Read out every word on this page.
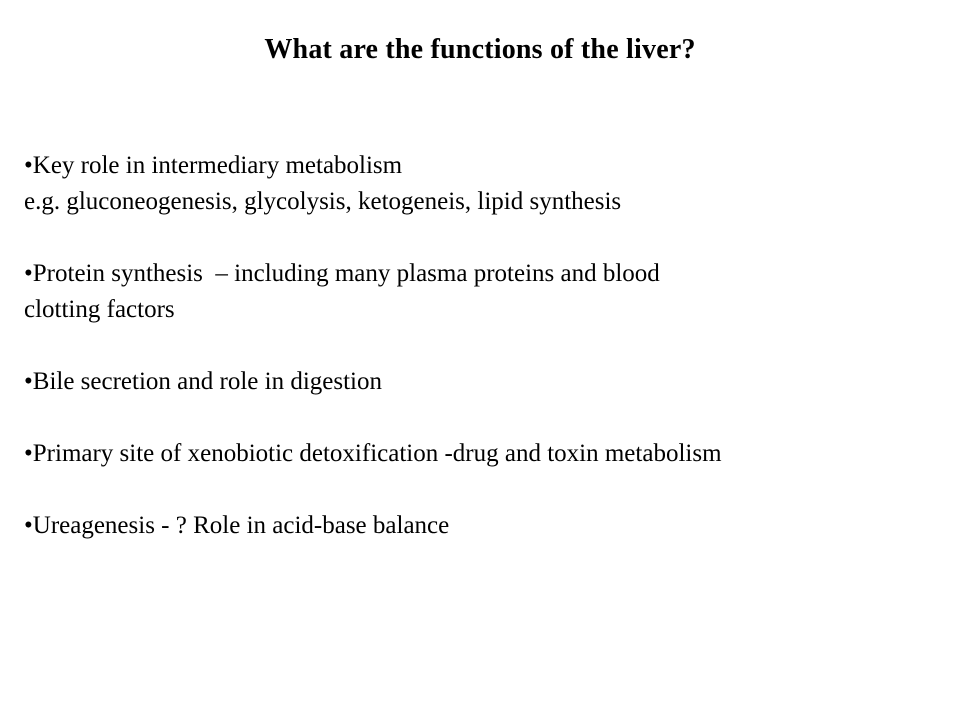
What are the functions of the liver?

•Key role in intermediary metabolism

e.g. gluconeogenesis, glycolysis, ketogeneis, lipid synthesis

•Protein synthesis  – including many plasma proteins and blood

clotting factors

•Bile secretion and role in digestion

•Primary site of xenobiotic detoxification -drug and toxin metabolism

•Ureagenesis - ? Role in acid-base balance
